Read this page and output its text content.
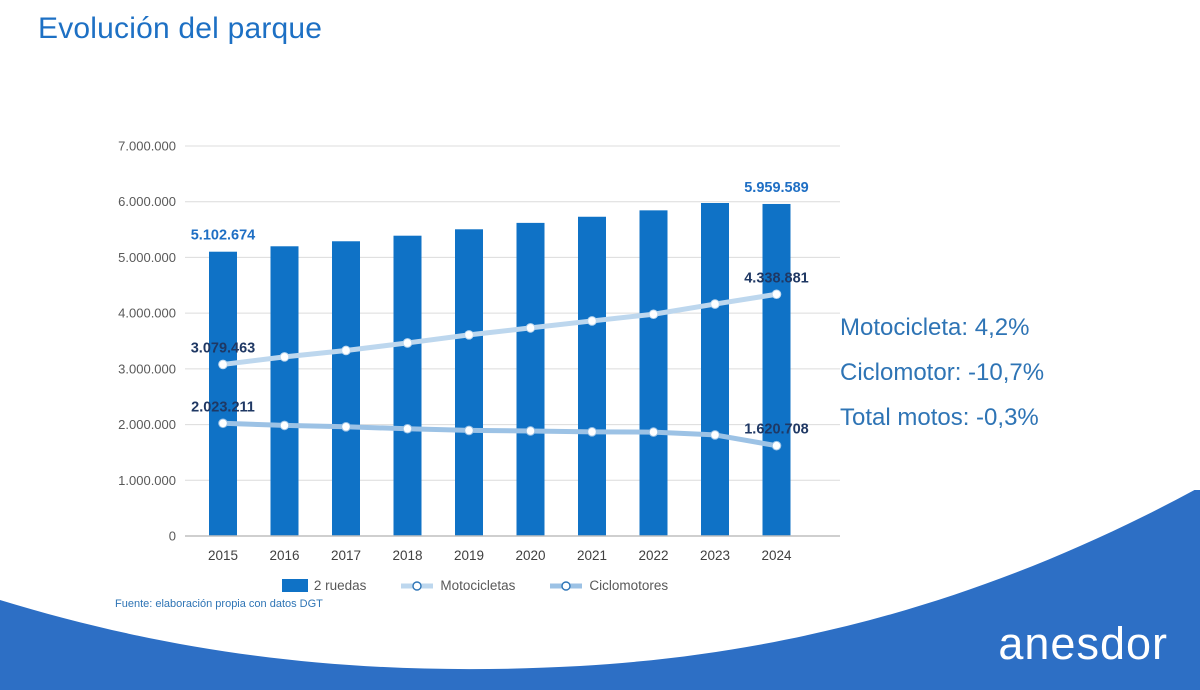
Evolución del parque
0
1.000.000
2.000.000
3.000.000
4.000.000
5.000.000
6.000.000
7.000.000
5.102.674
5.959.589
3.079.463
4.338.881
2.023.211
1.620.708
2015 2016 2017 2018 2019 2020 2021 2022 2023 2024
2 ruedas	Motocicletas	Ciclomotores
Fuente: elaboración propia con datos DGT
Motocicleta: 4,2%
Ciclomotor: -10,7%
Total motos: -0,3%
anesdor
